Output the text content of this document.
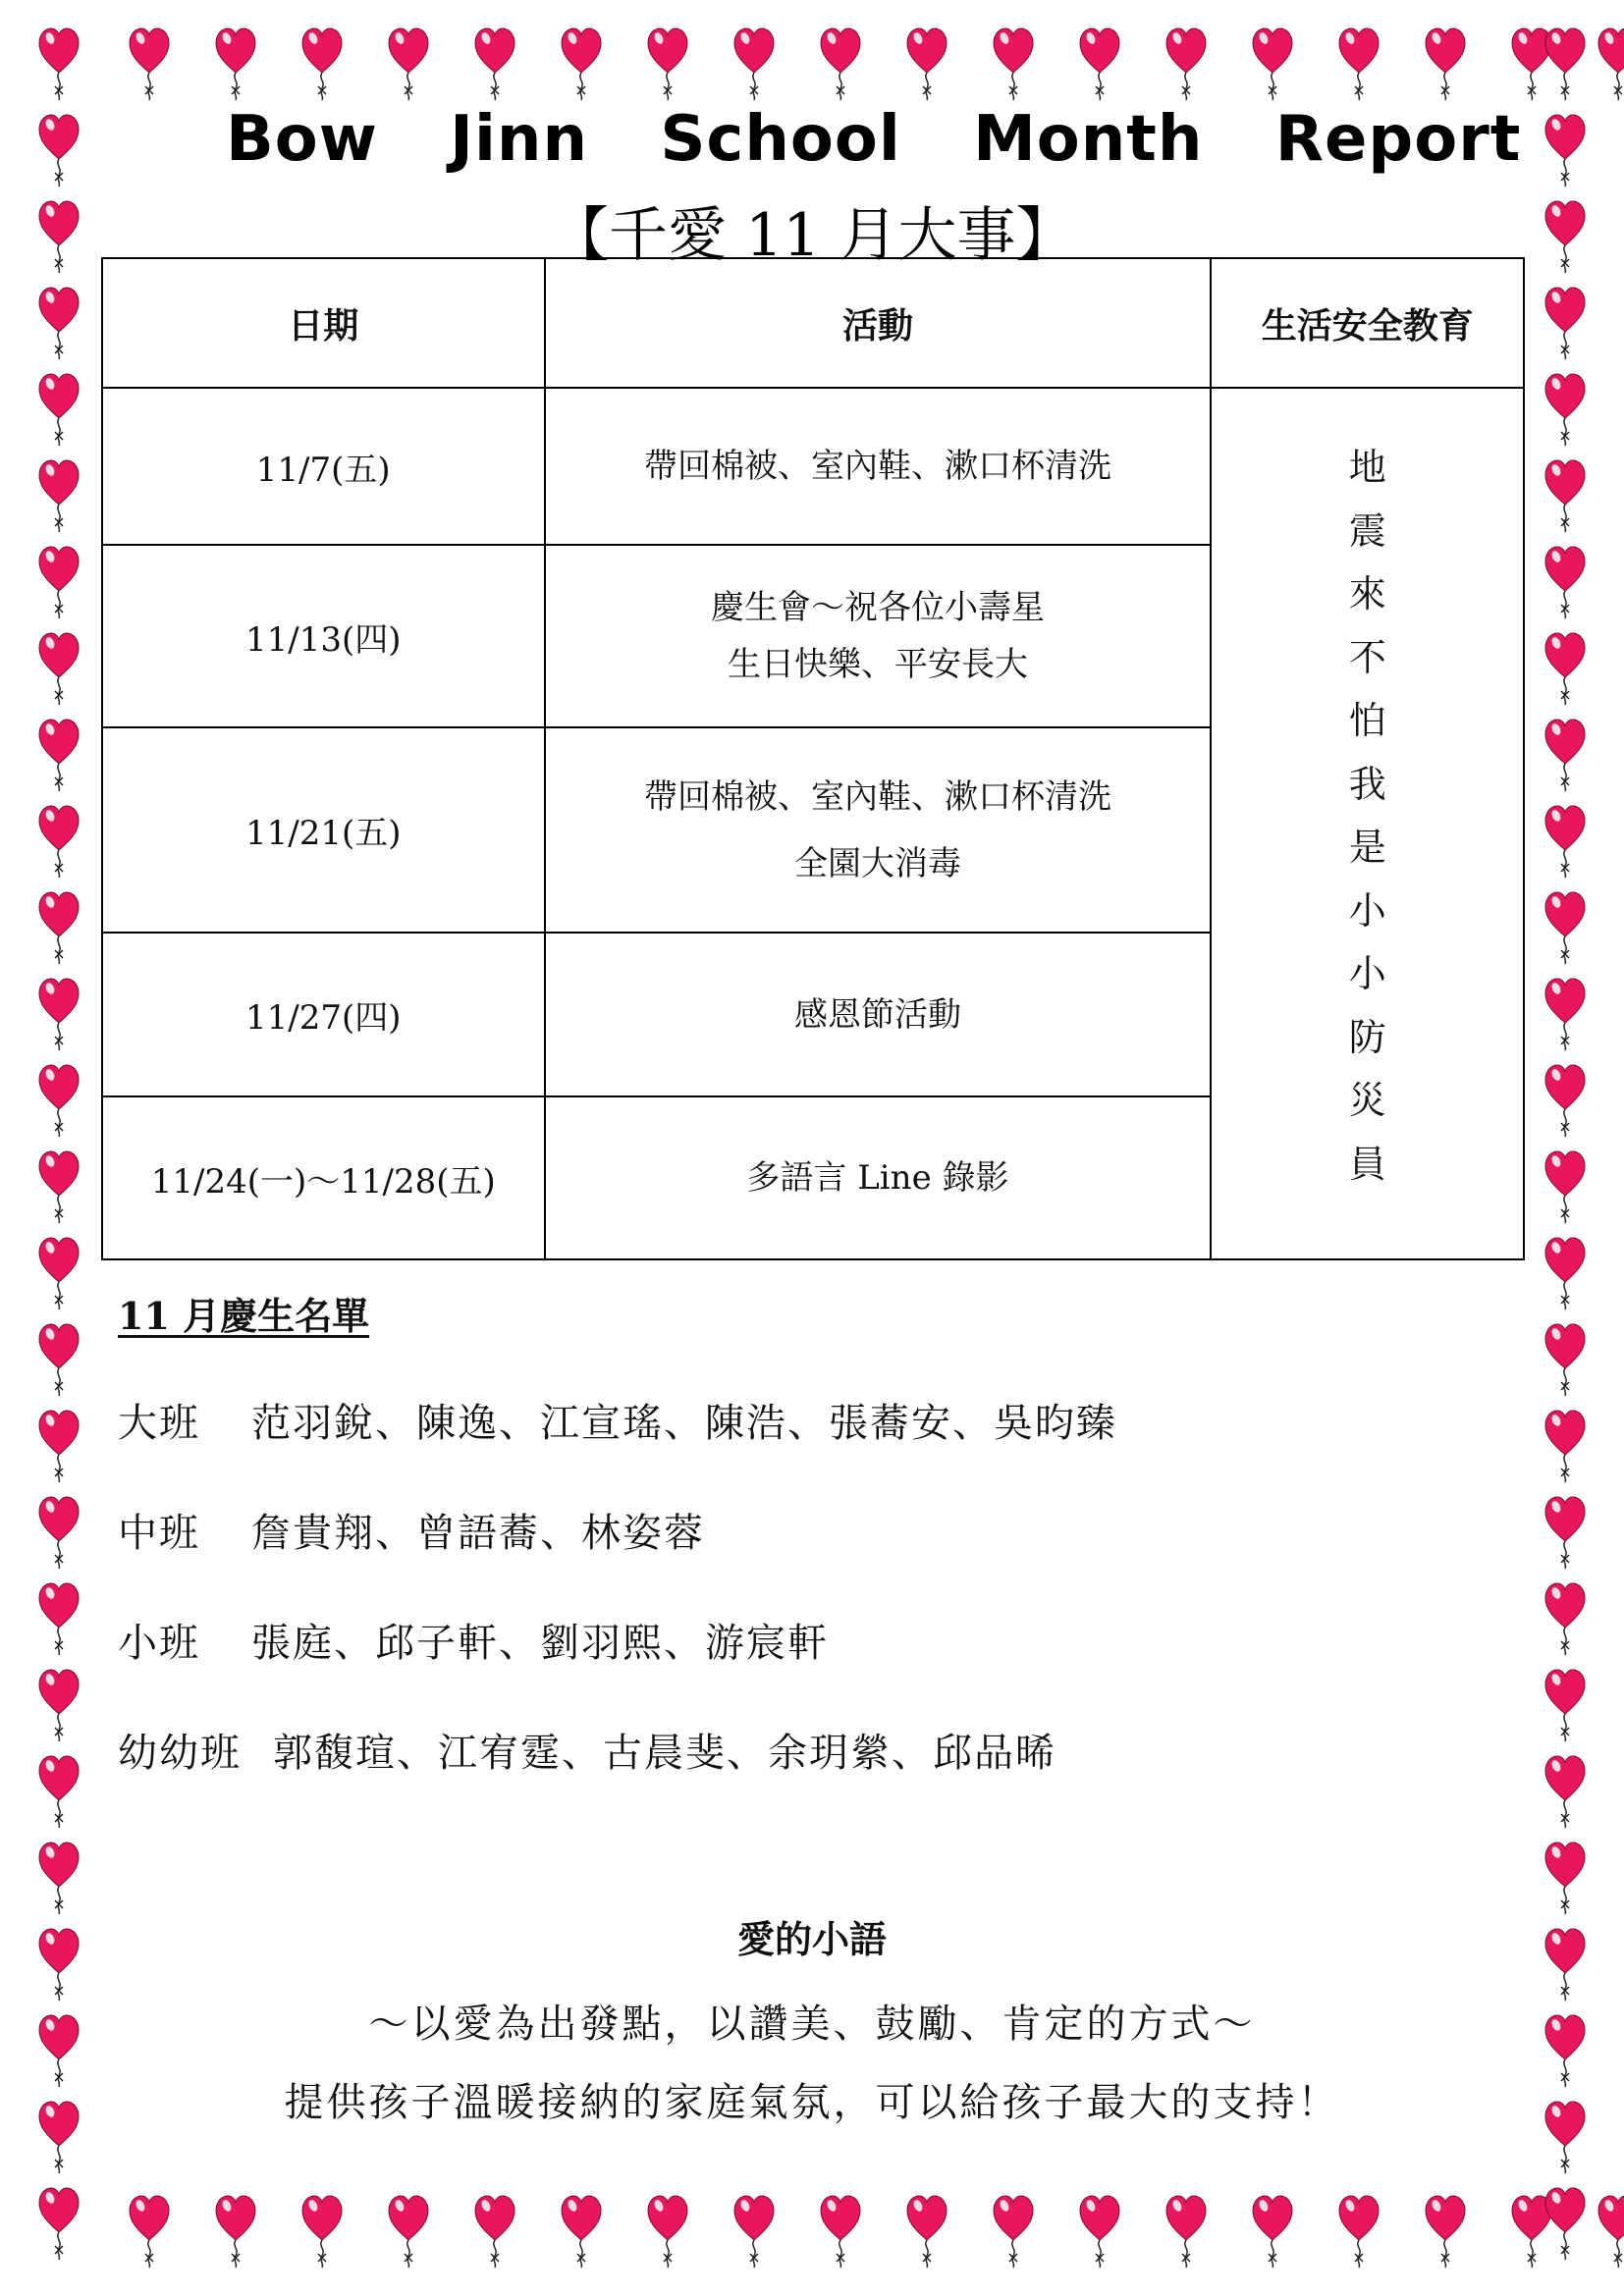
Bow Jinn School Month Report
【千愛 11 月大事】
日期	活動	生活安全教育
11/7(五)	帶回棉被、室內鞋、漱口杯清洗	地震來不怕我是小小防災員
11/13(四)	慶生會～祝各位小壽星
生日快樂、平安長大	

11/21(五)	帶回棉被、室內鞋、漱口杯清洗
全園大消毒	

11/27(四)	感恩節活動	

11/24(一)～11/28(五)	多語言 Line 錄影	
11 月慶生名單
大班 范羽銳、陳逸、江宣瑤、陳浩、張蕎安、吳昀臻
中班 詹貴翔、曾語蕎、林姿蓉
小班 張庭、邱子軒、劉羽熙、游宸軒
幼幼班 郭馥瑄、江宥霆、古晨斐、余玥縈、邱品晞
愛的小語
～以愛為出發點，以讚美、鼓勵、肯定的方式～
提供孩子溫暖接納的家庭氣氛，可以給孩子最大的支持！
